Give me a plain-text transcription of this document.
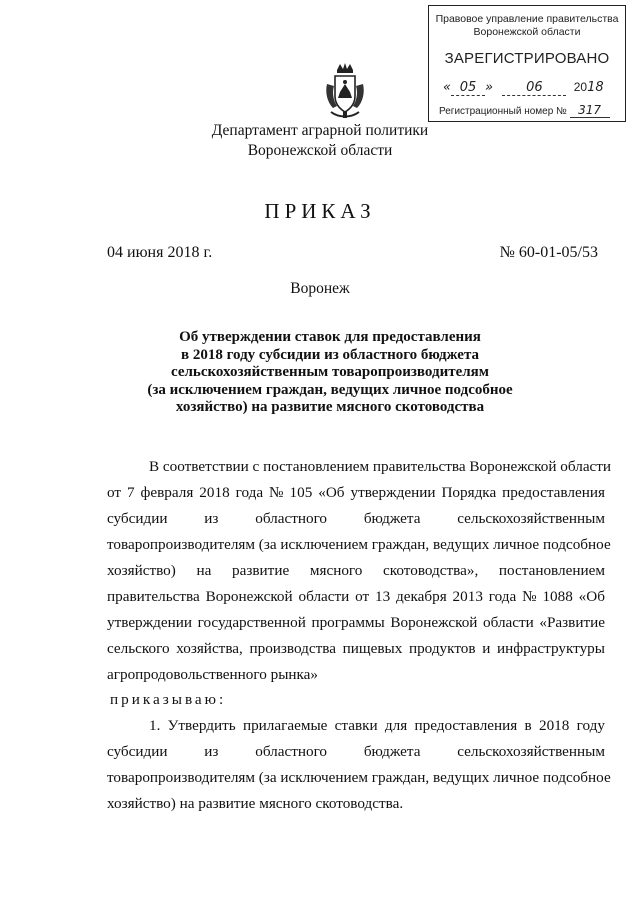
Правовое управление правительства
Воронежской области
ЗАРЕГИСТРИРОВАНО
« 05 »	06	2018
Регистрационный номер № 317
Департамент аграрной политики
Воронежской области
ПРИКАЗ
04 июня 2018 г.	№ 60-01-05/53
Воронеж
Об утверждении ставок для предоставления
в 2018 году субсидии из областного бюджета
сельскохозяйственным товаропроизводителям
(за исключением граждан, ведущих личное подсобное
хозяйство) на развитие мясного скотоводства
В соответствии с постановлением правительства Воронежской области
от 7 февраля 2018 года № 105 «Об утверждении Порядка предоставления
субсидии из областного бюджета сельскохозяйственным
товаропроизводителям (за исключением граждан, ведущих личное подсобное
хозяйство) на развитие мясного скотоводства», постановлением
правительства Воронежской области от 13 декабря 2013 года № 1088 «Об
утверждении государственной программы Воронежской области «Развитие
сельского хозяйства, производства пищевых продуктов и инфраструктуры
агропродовольственного рынка»
приказываю:
1. Утвердить прилагаемые ставки для предоставления в 2018 году
субсидии из областного бюджета сельскохозяйственным
товаропроизводителям (за исключением граждан, ведущих личное подсобное
хозяйство) на развитие мясного скотоводства.
